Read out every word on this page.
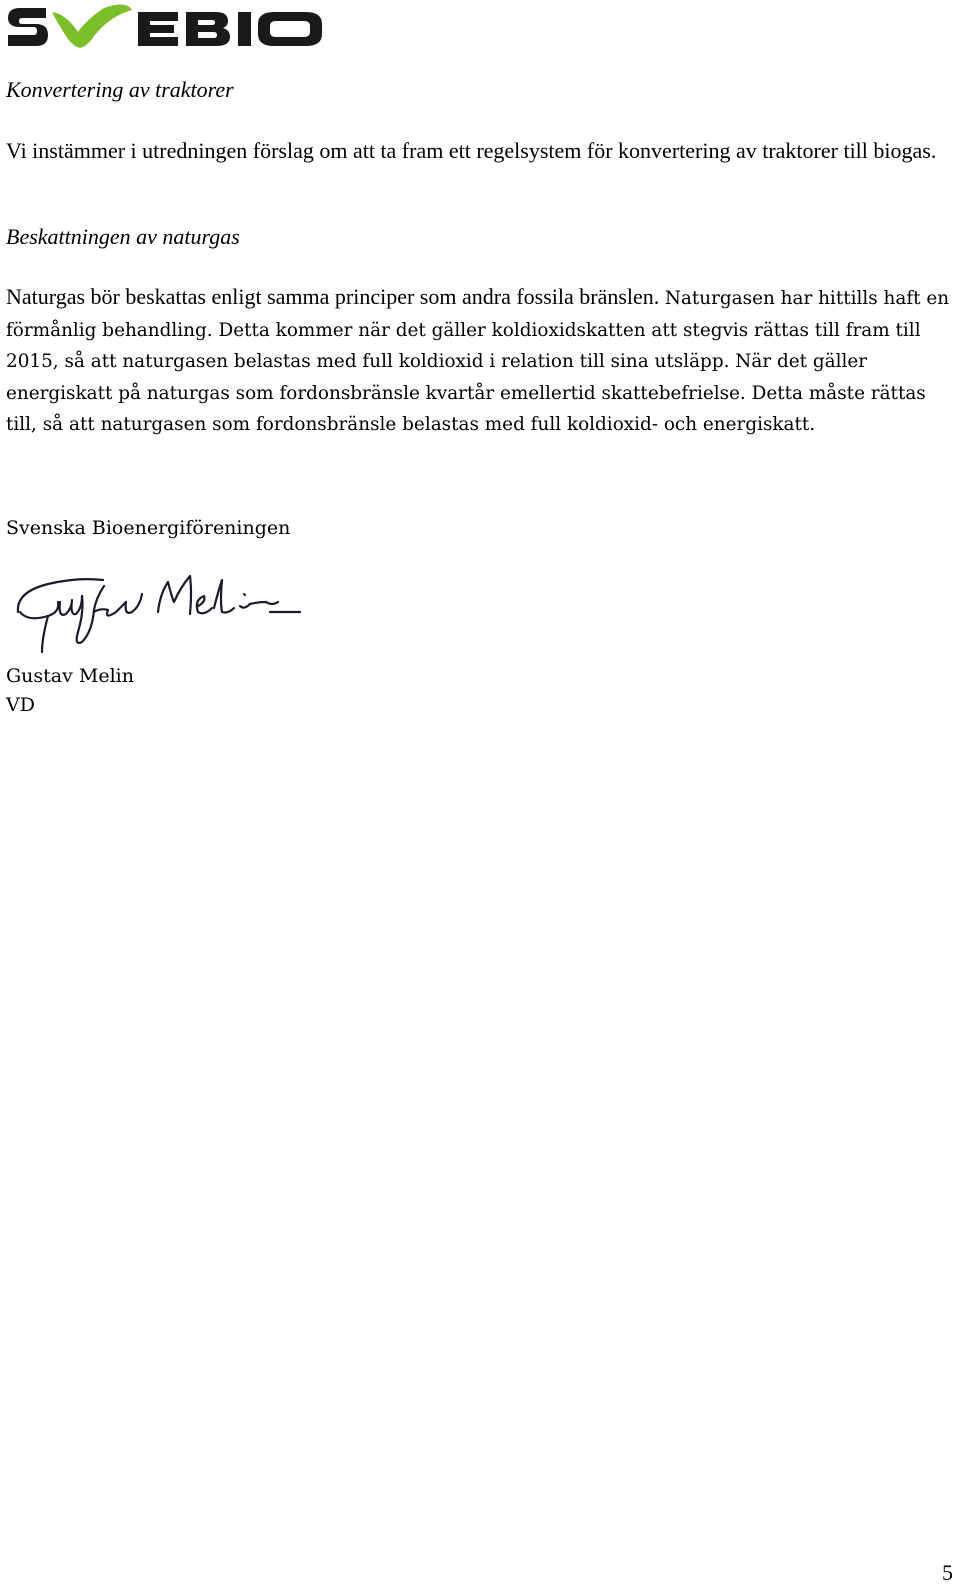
Konvertering av traktorer
Vi instämmer i utredningen förslag om att ta fram ett regelsystem för konvertering av traktorer till biogas.
Beskattningen av naturgas
Naturgas bör beskattas enligt samma principer som andra fossila bränslen. Naturgasen har hittills haft en förmånlig behandling. Detta kommer när det gäller koldioxidskatten att stegvis rättas till fram till 2015, så att naturgasen belastas med full koldioxid i relation till sina utsläpp. När det gäller energiskatt på naturgas som fordonsbränsle kvartår emellertid skattebefrielse. Detta måste rättas till, så att naturgasen som fordonsbränsle belastas med full koldioxid- och energiskatt.
Svenska Bioenergiföreningen
Gustav Melin
VD
5
